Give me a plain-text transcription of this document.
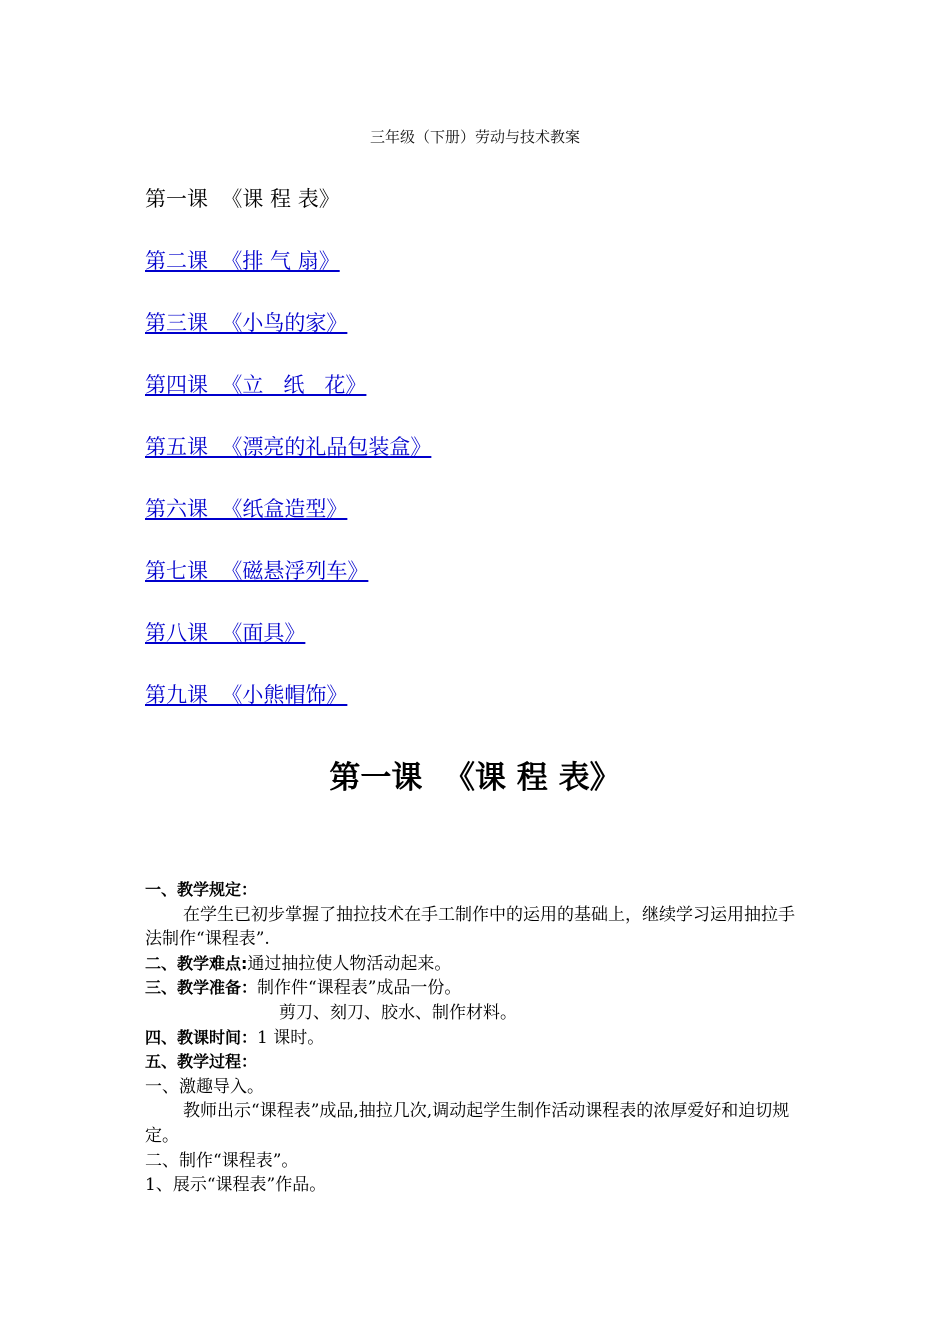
三年级（下册）劳动与技术教案
第一课  《课 程 表》
第二课  《排 气 扇》
第三课  《小鸟的家》
第四课  《立   纸   花》
第五课  《漂亮的礼品包装盒》
第六课  《纸盒造型》
第七课  《磁悬浮列车》
第八课  《面具》
第九课  《小熊帽饰》
第一课  《课 程 表》

一、教学规定：

在学生已初步掌握了抽拉技术在手工制作中的运用的基础上，继续学习运用抽拉手法制作“课程表”.

二、教学难点:通过抽拉使人物活动起来。

三、教学准备：制作件“课程表”成品一份。

剪刀、刻刀、胶水、制作材料。

四、教课时间：1 课时。

五、教学过程：

一、激趣导入。

教师出示“课程表”成品,抽拉几次,调动起学生制作活动课程表的浓厚爱好和迫切规定。

二、制作“课程表”。

1、展示“课程表”作品。
